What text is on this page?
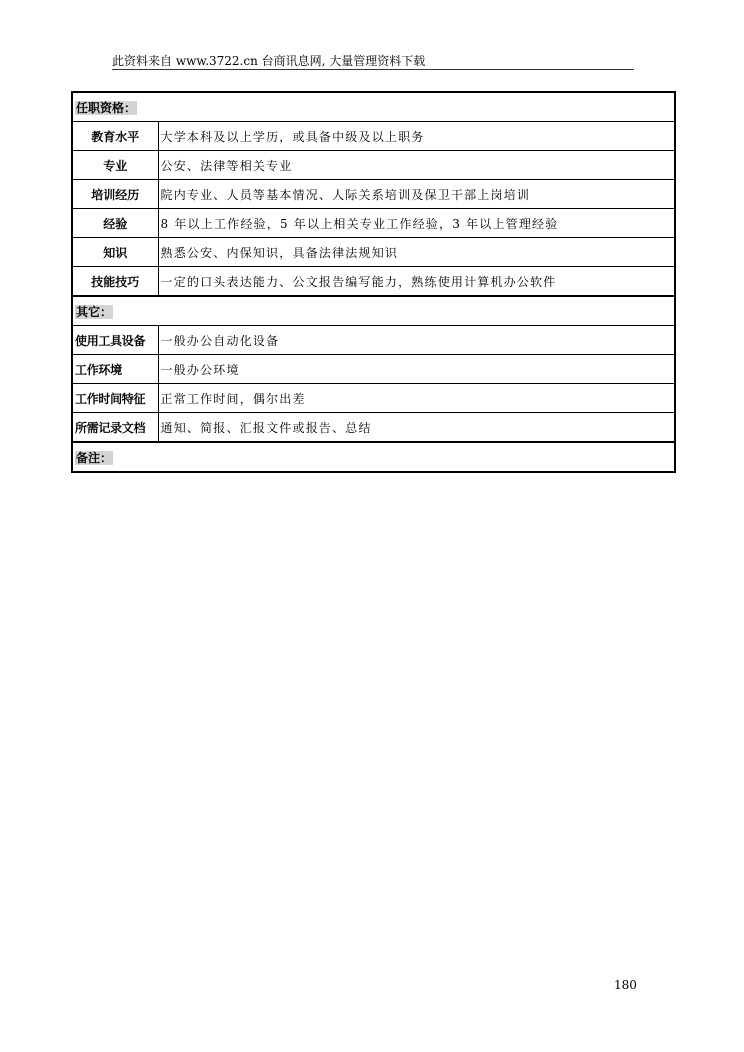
此资料来自 www.3722.cn 台商讯息网, 大量管理资料下载
任职资格：	
教育水平	大学本科及以上学历，或具备中级及以上职务
专业	公安、法律等相关专业
培训经历	院内专业、人员等基本情况、人际关系培训及保卫干部上岗培训
经验	8 年以上工作经验，5 年以上相关专业工作经验，3 年以上管理经验
知识	熟悉公安、内保知识，具备法律法规知识
技能技巧	一定的口头表达能力、公文报告编写能力，熟练使用计算机办公软件
其它：	
使用工具设备	一般办公自动化设备
工作环境	一般办公环境
工作时间特征	正常工作时间，偶尔出差
所需记录文档	通知、简报、汇报文件或报告、总结
备注：	
180
